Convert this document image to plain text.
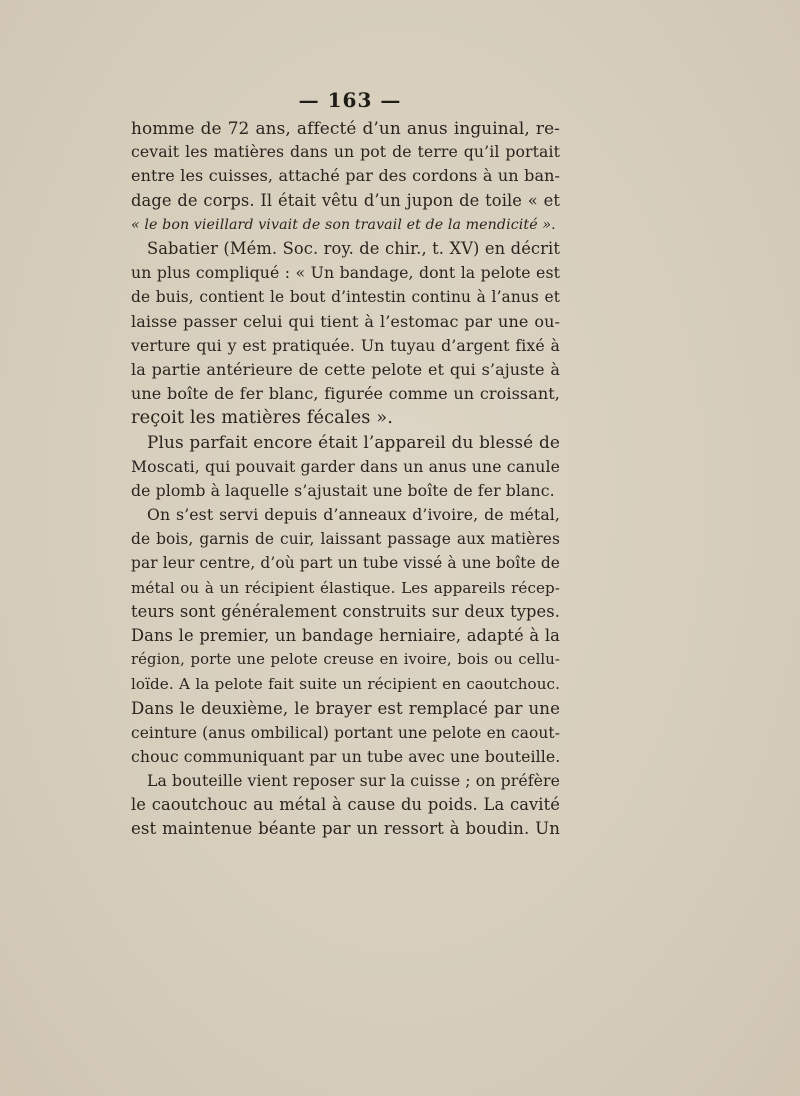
— 163 —
homme de 72 ans, affecté d’un anus inguinal, re-
cevait les matières dans un pot de terre qu’il portait
entre les cuisses, attaché par des cordons à un ban-
dage de corps. Il était vêtu d’un jupon de toile « et
« le bon vieillard vivait de son travail et de la mendicité ».
Sabatier (Mém. Soc. roy. de chir., t. XV) en décrit
un plus compliqué : « Un bandage, dont la pelote est
de buis, contient le bout d’intestin continu à l’anus et
laisse passer celui qui tient à l’estomac par une ou-
verture qui y est pratiquée. Un tuyau d’argent fixé à
la partie antérieure de cette pelote et qui s’ajuste à
une boîte de fer blanc, figurée comme un croissant,
reçoit les matières fécales ».
Plus parfait encore était l’appareil du blessé de
Moscati, qui pouvait garder dans un anus une canule
de plomb à laquelle s’ajustait une boîte de fer blanc.
On s’est servi depuis d’anneaux d’ivoire, de métal,
de bois, garnis de cuir, laissant passage aux matières
par leur centre, d’où part un tube vissé à une boîte de
métal ou à un récipient élastique. Les appareils récep-
teurs sont généralement construits sur deux types.
Dans le premier, un bandage herniaire, adapté à la
région, porte une pelote creuse en ivoire, bois ou cellu-
loïde. A la pelote fait suite un récipient en caoutchouc.
Dans le deuxième, le brayer est remplacé par une
ceinture (anus ombilical) portant une pelote en caout-
chouc communiquant par un tube avec une bouteille.
La bouteille vient reposer sur la cuisse ; on préfère
le caoutchouc au métal à cause du poids. La cavité
est maintenue béante par un ressort à boudin. Un
